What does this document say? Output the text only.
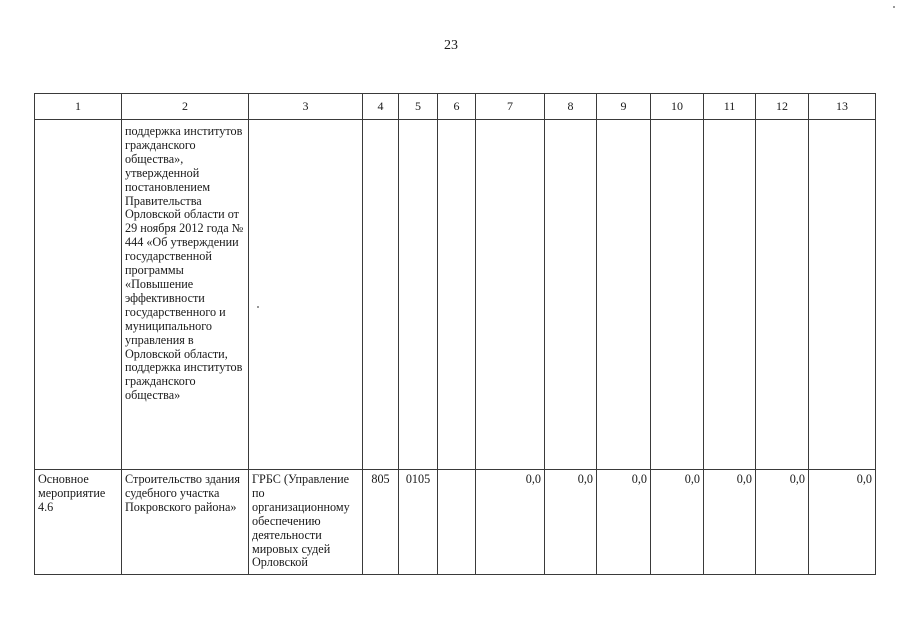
23
1	2	3	4	5	6	7	8	9	10	11	12	13
	поддержка институтов гражданского общества», утвержденной постановлением Правительства Орловской области от 29 ноября 2012 года № 444 «Об утверждении государственной программы «Повышение эффективности государственного и муниципального управления в Орловской области, поддержка институтов гражданского общества»											
Основное мероприятие 4.6	Строительство здания судебного участка Покровского района»	ГРБС (Управление по организационному обеспечению деятельности мировых судей Орловской	805	0105		0,0	0,0	0,0	0,0	0,0	0,0	0,0
